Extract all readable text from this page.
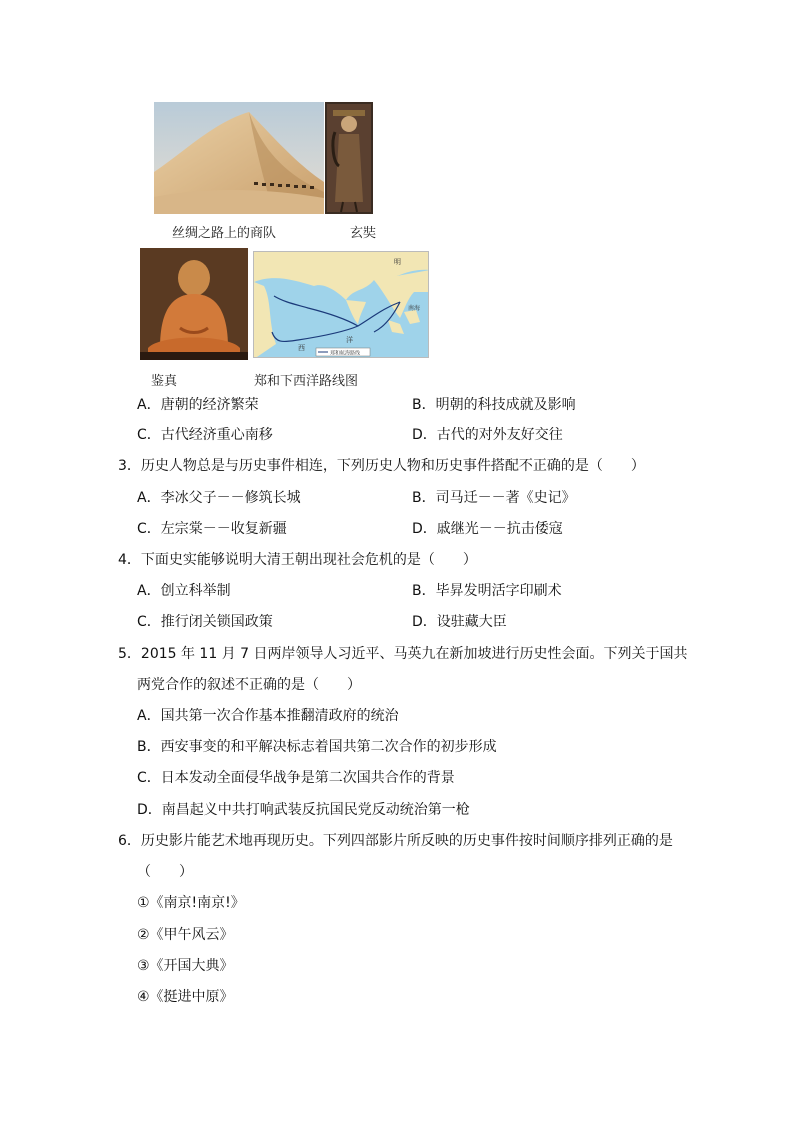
丝绸之路上的商队	玄奘
明
西
洋
南海
郑和航海路线
鉴真	郑和下西洋路线图
A．唐朝的经济繁荣	B．明朝的科技成就及影响
C．古代经济重心南移	D．古代的对外友好交往
3．历史人物总是与历史事件相连，下列历史人物和历史事件搭配不正确的是（　　）
A．李冰父子－－修筑长城	B．司马迁－－著《史记》
C．左宗棠－－收复新疆	D．戚继光－－抗击倭寇
4．下面史实能够说明大清王朝出现社会危机的是（　　）
A．创立科举制	B．毕昇发明活字印刷术
C．推行闭关锁国政策	D．设驻藏大臣
5．2015 年 11 月 7 日两岸领导人习近平、马英九在新加坡进行历史性会面。下列关于国共
两党合作的叙述不正确的是（　　）
A．国共第一次合作基本推翻清政府的统治
B．西安事变的和平解决标志着国共第二次合作的初步形成
C．日本发动全面侵华战争是第二次国共合作的背景
D．南昌起义中共打响武装反抗国民党反动统治第一枪
6．历史影片能艺术地再现历史。下列四部影片所反映的历史事件按时间顺序排列正确的是
（　　）
①《南京!南京!》
②《甲午风云》
③《开国大典》
④《挺进中原》
